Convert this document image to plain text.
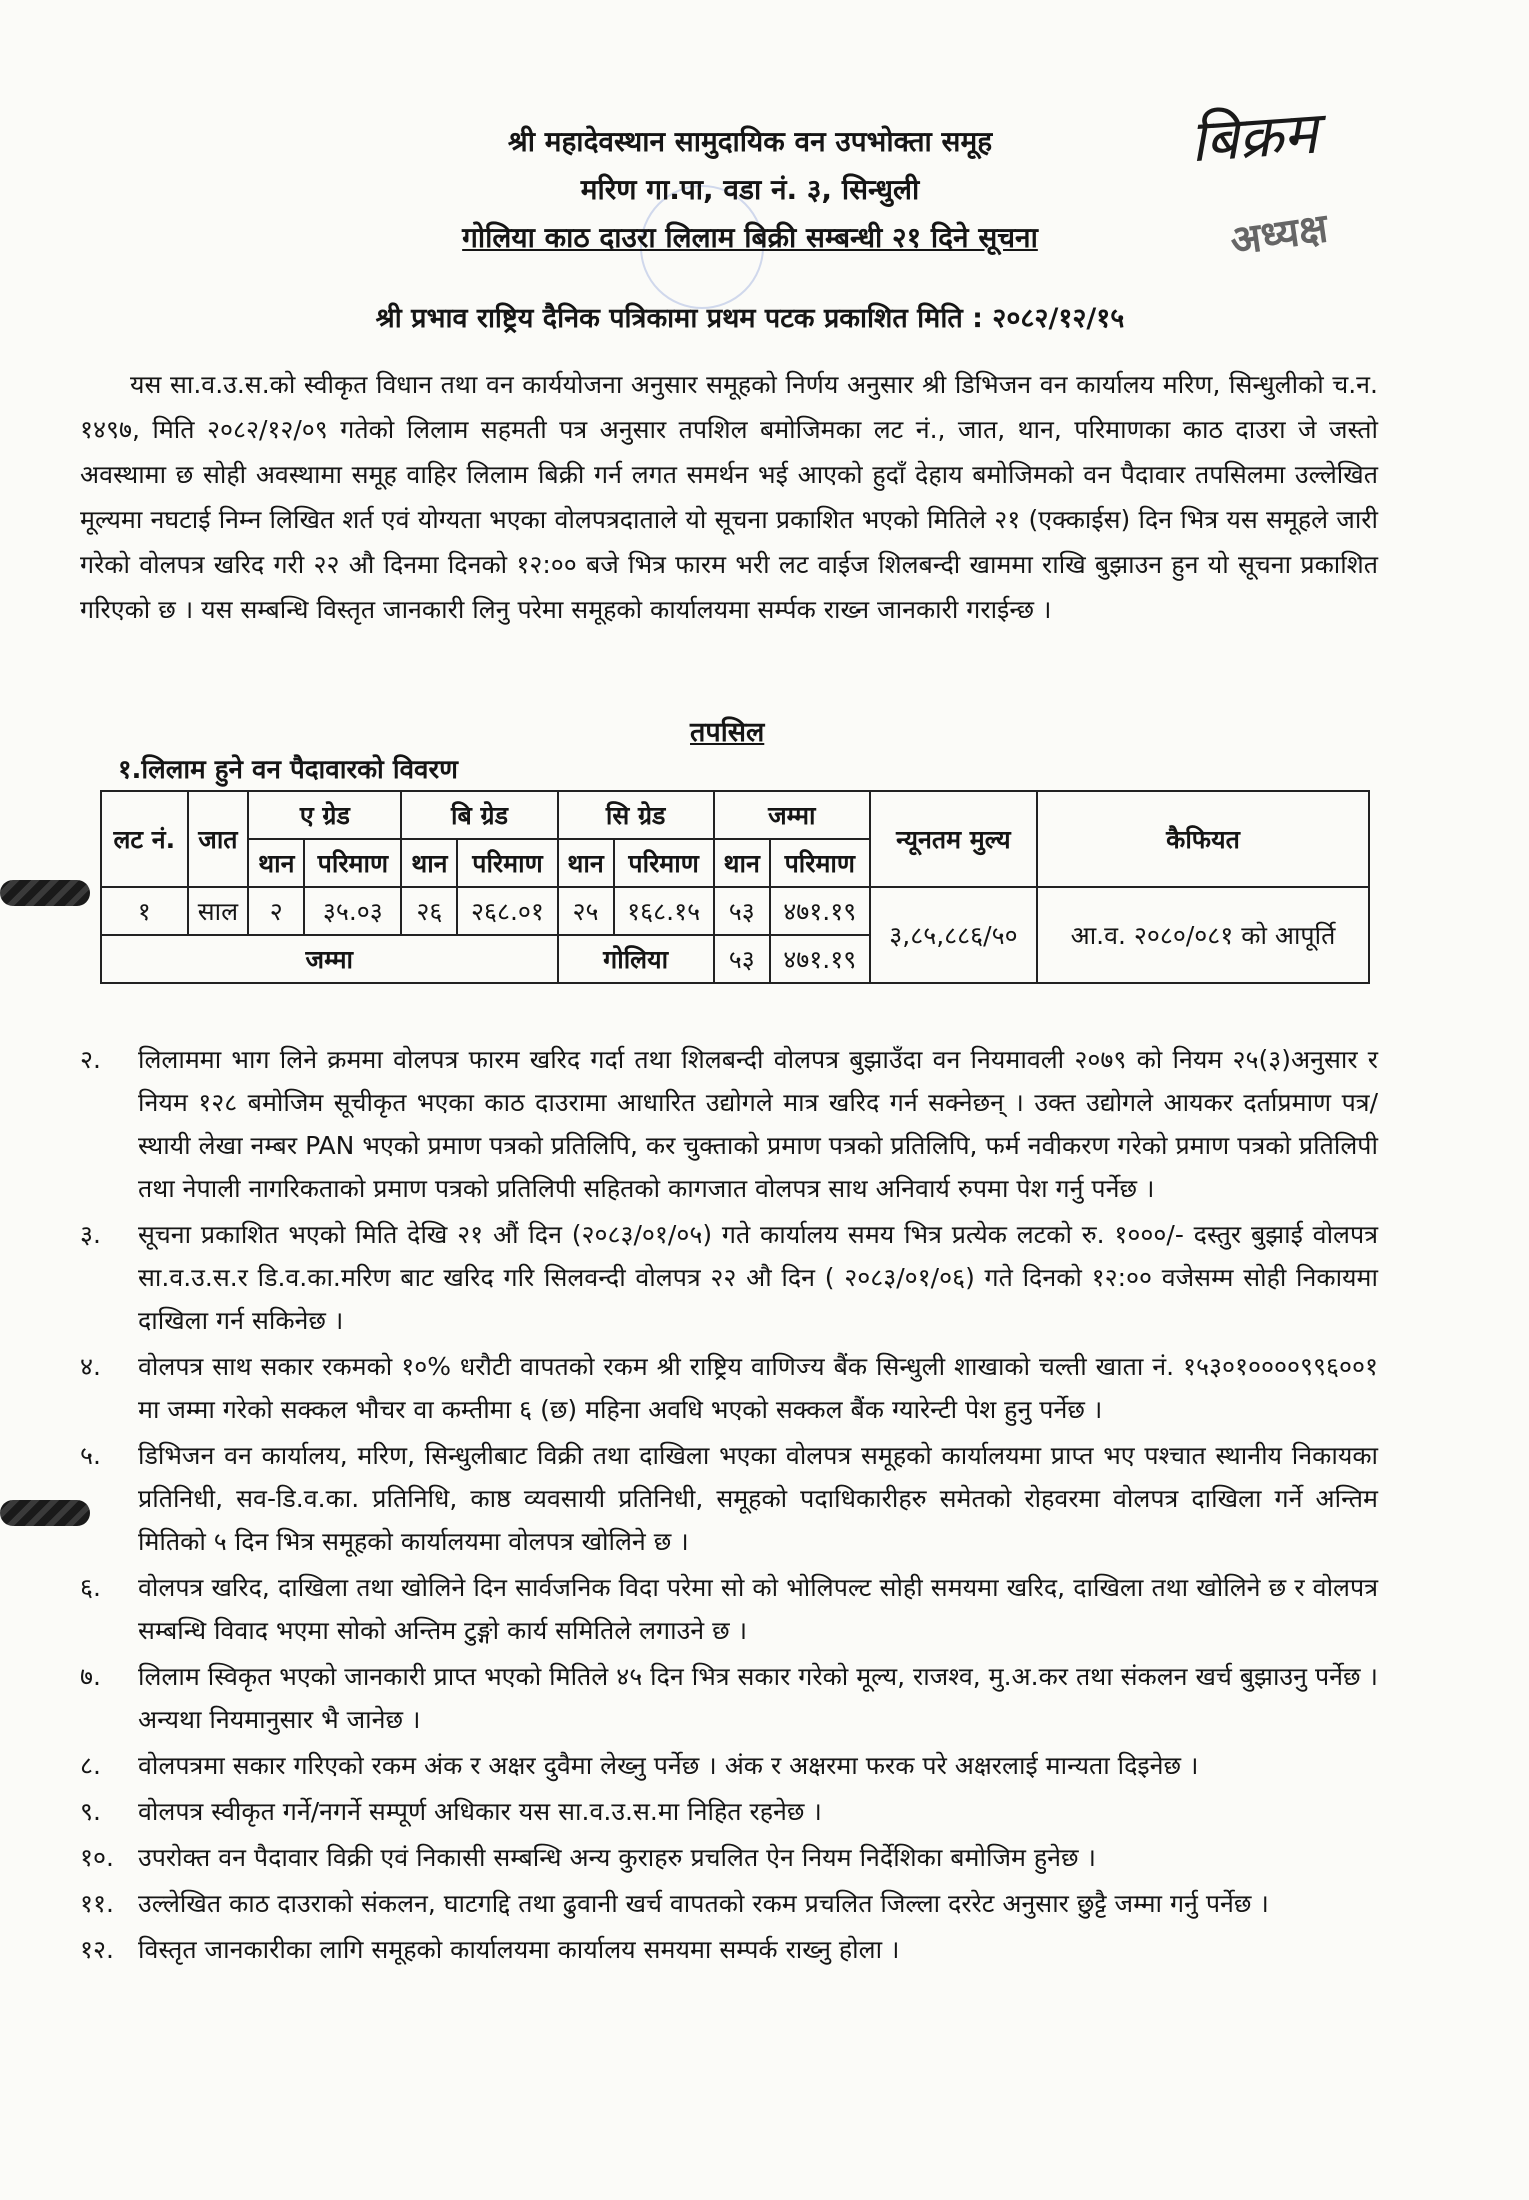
बिक्रम
अध्यक्ष
श्री महादेवस्थान सामुदायिक वन उपभोक्ता समूह
मरिण गा.पा, वडा नं. ३, सिन्धुली
गोलिया काठ दाउरा लिलाम बिक्री सम्बन्धी २१ दिने सूचना
श्री प्रभाव राष्ट्रिय दैनिक पत्रिकामा प्रथम पटक प्रकाशित मिति : २०८२/१२/१५
यस सा.व.उ.स.को स्वीकृत विधान तथा वन कार्ययोजना अनुसार समूहको निर्णय अनुसार श्री डिभिजन वन कार्यालय मरिण, सिन्धुलीको च.न. १४९७, मिति २०८२/१२/०९ गतेको लिलाम सहमती पत्र अनुसार तपशिल बमोजिमका लट नं., जात, थान, परिमाणका काठ दाउरा जे जस्तो अवस्थामा छ सोही अवस्थामा समूह वाहिर लिलाम बिक्री गर्न लगत समर्थन भई आएको हुदाँ देहाय बमोजिमको वन पैदावार तपसिलमा उल्लेखित मूल्यमा नघटाई निम्न लिखित शर्त एवं योग्यता भएका वोलपत्रदाताले यो सूचना प्रकाशित भएको मितिले २१ (एक्काईस) दिन भित्र यस समूहले जारी गरेको वोलपत्र खरिद गरी २२ औ दिनमा दिनको १२:०० बजे भित्र फारम भरी लट वाईज शिलबन्दी खाममा राखि बुझाउन हुन यो सूचना प्रकाशित गरिएको छ । यस सम्बन्धि विस्तृत जानकारी लिनु परेमा समूहको कार्यालयमा सर्म्पक राख्न जानकारी गराईन्छ ।
तपसिल
१.लिलाम हुने वन पैदावारको विवरण
लट नं.	जात	ए ग्रेड		बि ग्रेड		सि ग्रेड		जम्मा		न्यूनतम मुल्य	कैफियत
		थान	परिमाण	थान	परिमाण	थान	परिमाण	थान	परिमाण		
१	साल	२	३५.०३	२६	२६८.०१	२५	१६८.१५	५३	४७१.१९	३,८५,८८६/५०	आ.व. २०८०/०८१ को आपूर्ति
जम्मा						गोलिया		५३	४७१.१९		
२. लिलाममा भाग लिने क्रममा वोलपत्र फारम खरिद गर्दा तथा शिलबन्दी वोलपत्र बुझाउँदा वन नियमावली २०७९ को नियम २५(३)अनुसार र नियम १२८ बमोजिम सूचीकृत भएका काठ दाउरामा आधारित उद्योगले मात्र खरिद गर्न सक्नेछन् । उक्त उद्योगले आयकर दर्ताप्रमाण पत्र/स्थायी लेखा नम्बर PAN भएको प्रमाण पत्रको प्रतिलिपि, कर चुक्ताको प्रमाण पत्रको प्रतिलिपि, फर्म नवीकरण गरेको प्रमाण पत्रको प्रतिलिपी तथा नेपाली नागरिकताको प्रमाण पत्रको प्रतिलिपी सहितको कागजात वोलपत्र साथ अनिवार्य रुपमा पेश गर्नु पर्नेछ ।
३. सूचना प्रकाशित भएको मिति देखि २१ औं दिन (२०८३/०१/०५) गते कार्यालय समय भित्र प्रत्येक लटको रु. १०००/- दस्तुर बुझाई वोलपत्र सा.व.उ.स.र डि.व.का.मरिण बाट खरिद गरि सिलवन्दी वोलपत्र २२ औ दिन ( २०८३/०१/०६) गते दिनको १२:०० वजेसम्म सोही निकायमा दाखिला गर्न सकिनेछ ।
४. वोलपत्र साथ सकार रकमको १०% धरौटी वापतको रकम श्री राष्ट्रिय वाणिज्य बैंक सिन्धुली शाखाको चल्ती खाता नं. १५३०१००००९९६००१ मा जम्मा गरेको सक्कल भौचर वा कम्तीमा ६ (छ) महिना अवधि भएको सक्कल बैंक ग्यारेन्टी पेश हुनु पर्नेछ ।
५. डिभिजन वन कार्यालय, मरिण, सिन्धुलीबाट विक्री तथा दाखिला भएका वोलपत्र समूहको कार्यालयमा प्राप्त भए पश्चात स्थानीय निकायका प्रतिनिधी, सव-डि.व.का. प्रतिनिधि, काष्ठ व्यवसायी प्रतिनिधी, समूहको पदाधिकारीहरु समेतको रोहवरमा वोलपत्र दाखिला गर्ने अन्तिम मितिको ५ दिन भित्र समूहको कार्यालयमा वोलपत्र खोलिने छ ।
६. वोलपत्र खरिद, दाखिला तथा खोलिने दिन सार्वजनिक विदा परेमा सो को भोलिपल्ट सोही समयमा खरिद, दाखिला तथा खोलिने छ र वोलपत्र सम्बन्धि विवाद भएमा सोको अन्तिम टुङ्गो कार्य समितिले लगाउने छ ।
७. लिलाम स्विकृत भएको जानकारी प्राप्त भएको मितिले ४५ दिन भित्र सकार गरेको मूल्य, राजश्व, मु.अ.कर तथा संकलन खर्च बुझाउनु पर्नेछ । अन्यथा नियमानुसार भै जानेछ ।
८. वोलपत्रमा सकार गरिएको रकम अंक र अक्षर दुवैमा लेख्नु पर्नेछ । अंक र अक्षरमा फरक परे अक्षरलाई मान्यता दिइनेछ ।
९. वोलपत्र स्वीकृत गर्ने/नगर्ने सम्पूर्ण अधिकार यस सा.व.उ.स.मा निहित रहनेछ ।
१०. उपरोक्त वन पैदावार विक्री एवं निकासी सम्बन्धि अन्य कुराहरु प्रचलित ऐन नियम निर्देशिका बमोजिम हुनेछ ।
११. उल्लेखित काठ दाउराको संकलन, घाटगद्दि तथा ढुवानी खर्च वापतको रकम प्रचलित जिल्ला दररेट अनुसार छुट्टै जम्मा गर्नु पर्नेछ ।
१२. विस्तृत जानकारीका लागि समूहको कार्यालयमा कार्यालय समयमा सम्पर्क राख्नु होला ।
